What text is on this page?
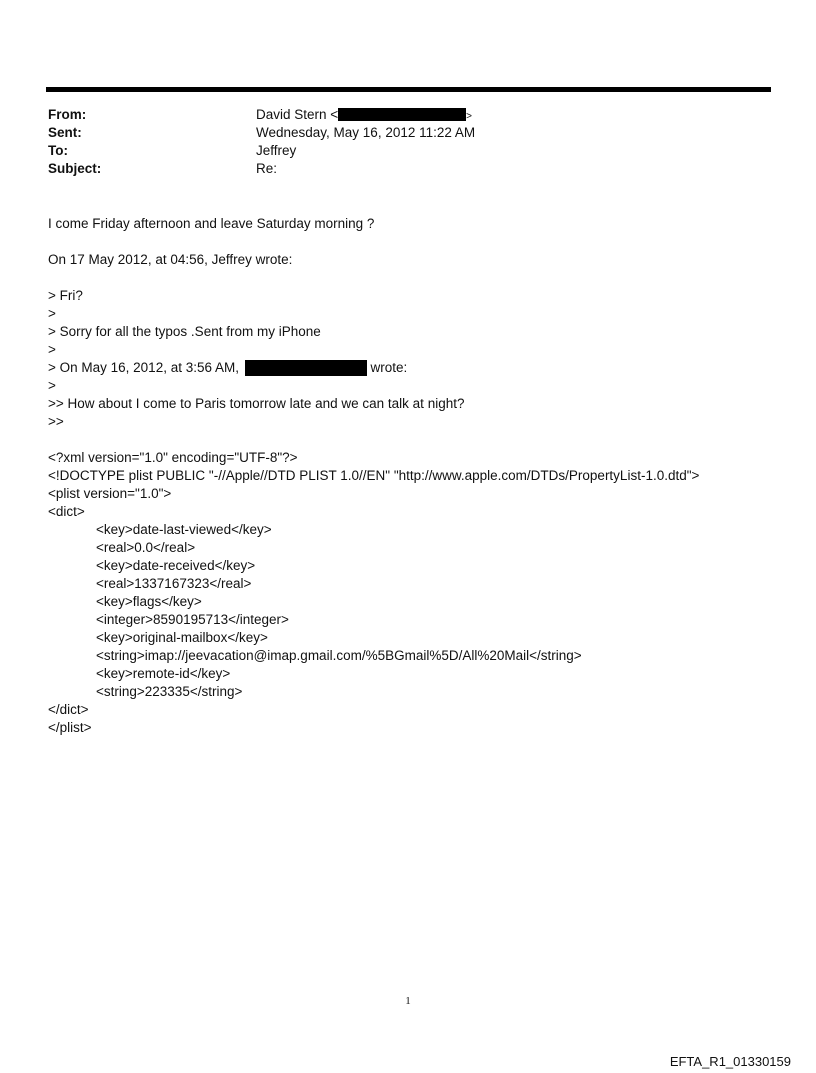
From:	David Stern <	>
Sent:	Wednesday, May 16, 2012 11:22 AM
To:	Jeffrey
Subject:	Re:
I come Friday afternoon and leave Saturday morning ?
On 17 May 2012, at 04:56, Jeffrey wrote:
> Fri?
>
> Sorry for all the typos .Sent from my iPhone
>
> On May 16, 2012, at 3:56 AM,	wrote:
>
>> How about I come to Paris tomorrow late and we can talk at night?
>>
<?xml version="1.0" encoding="UTF-8"?>
<!DOCTYPE plist PUBLIC "-//Apple//DTD PLIST 1.0//EN" "http://www.apple.com/DTDs/PropertyList-1.0.dtd">
<plist version="1.0">
<dict>
<key>date-last-viewed</key>
<real>0.0</real>
<key>date-received</key>
<real>1337167323</real>
<key>flags</key>
<integer>8590195713</integer>
<key>original-mailbox</key>
<string>imap://jeevacation@imap.gmail.com/%5BGmail%5D/All%20Mail</string>
<key>remote-id</key>
<string>223335</string>
</dict>
</plist>
1
EFTA_R1_01330159
